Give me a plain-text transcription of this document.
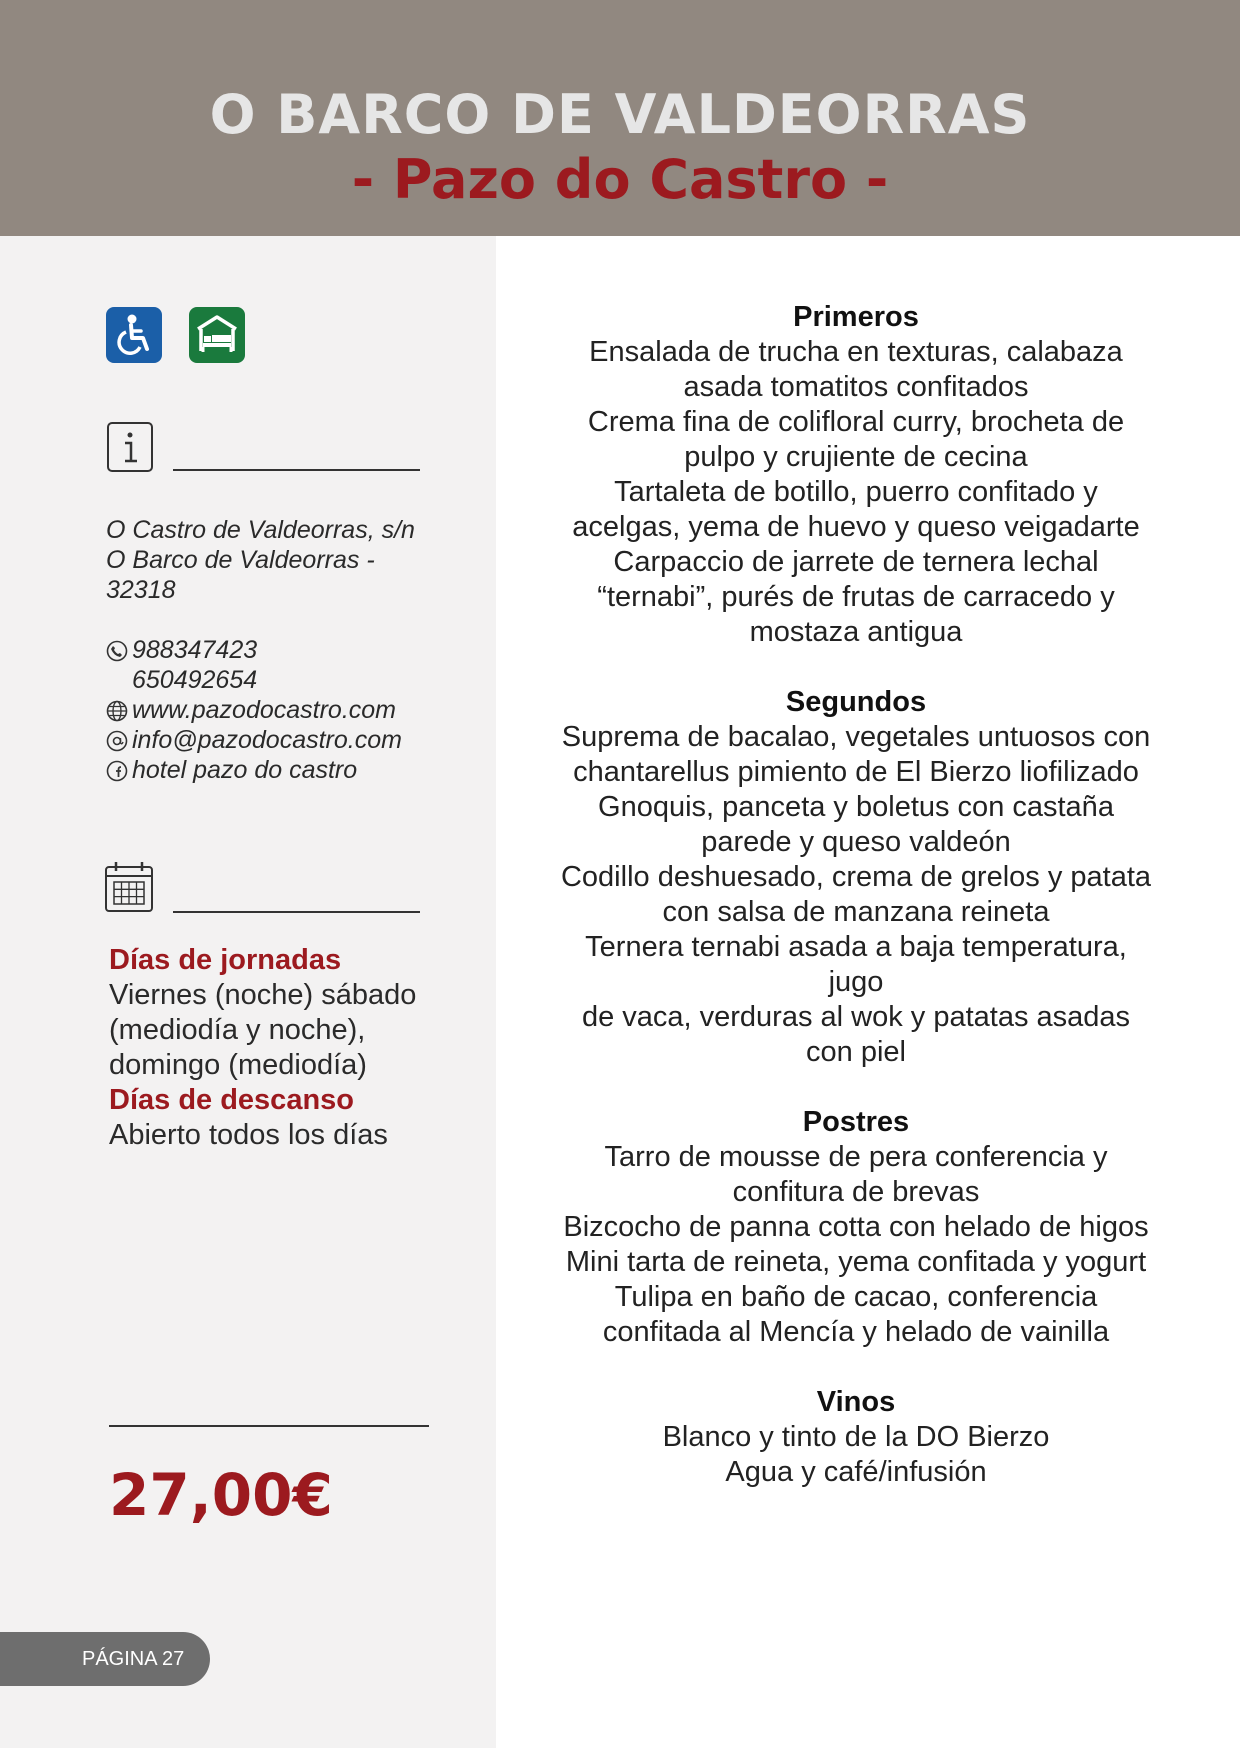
O BARCO DE VALDEORRAS
- Pazo do Castro -
O Castro de Valdeorras, s/n
O Barco de Valdeorras -
32318
988347423
650492654
www.pazodocastro.com
info@pazodocastro.com
hotel pazo do castro
Días de jornadas
Viernes (noche) sábado
(mediodía y noche),
domingo (mediodía)
Días de descanso
Abierto todos los días
27,00€
PÁGINA 27
Primeros
Ensalada de trucha en texturas, calabaza
asada tomatitos confitados
Crema fina de colifloral curry, brocheta de
pulpo y crujiente de cecina
Tartaleta de botillo, puerro confitado y
acelgas, yema de huevo y queso veigadarte
Carpaccio de jarrete de ternera lechal
“ternabi”, purés de frutas de carracedo y
mostaza antigua
Segundos
Suprema de bacalao, vegetales untuosos con
chantarellus pimiento de El Bierzo liofilizado
Gnoquis, panceta y boletus con castaña
parede y queso valdeón
Codillo deshuesado, crema de grelos y patata
con salsa de manzana reineta
Ternera ternabi asada a baja temperatura, jugo
de vaca, verduras al wok y patatas asadas
con piel
Postres
Tarro de mousse de pera conferencia y
confitura de brevas
Bizcocho de panna cotta con helado de higos
Mini tarta de reineta, yema confitada y yogurt
Tulipa en baño de cacao, conferencia
confitada al Mencía y helado de vainilla
Vinos
Blanco y tinto de la DO Bierzo
Agua y café/infusión
